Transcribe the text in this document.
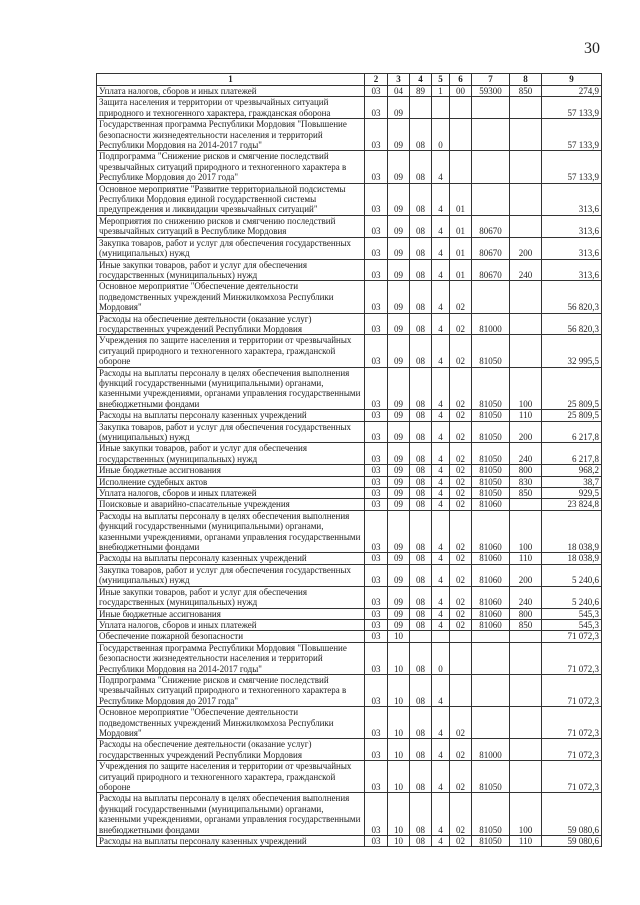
30
1	2	3	4	5	6	7	8	9
Уплата налогов, сборов и иных платежей	03	04	89	1	00	59300	850	274,9
Защита населения и территории от чрезвычайных ситуаций природного и техногенного характера, гражданская оборона	03	09						57 133,9
Государственная программа Республики Мордовия "Повышение безопасности жизнедеятельности населения и территорий Республики Мордовия на 2014-2017 годы"	03	09	08	0				57 133,9
Подпрограмма "Снижение рисков и смягчение последствий чрезвычайных ситуаций природного и техногенного характера в Республике Мордовия до 2017 года"	03	09	08	4				57 133,9
Основное мероприятие "Развитие территориальной подсистемы Республики Мордовия единой государственной системы предупреждения и ликвидации чрезвычайных ситуаций"	03	09	08	4	01			313,6
Мероприятия по снижению рисков и смягчению последствий чрезвычайных ситуаций в Республике Мордовия	03	09	08	4	01	80670		313,6
Закупка товаров, работ и услуг для обеспечения государственных (муниципальных) нужд	03	09	08	4	01	80670	200	313,6
Иные закупки товаров, работ и услуг для обеспечения государственных (муниципальных) нужд	03	09	08	4	01	80670	240	313,6
Основное мероприятие "Обеспечение деятельности подведомственных учреждений Минжилкомхоза Республики Мордовия"	03	09	08	4	02			56 820,3
Расходы на обеспечение деятельности (оказание услуг) государственных учреждений Республики Мордовия	03	09	08	4	02	81000		56 820,3
Учреждения по защите населения и территории от чрезвычайных ситуаций природного и техногенного характера, гражданской обороне	03	09	08	4	02	81050		32 995,5
Расходы на выплаты персоналу в целях обеспечения выполнения функций государственными (муниципальными) органами, казенными учреждениями, органами управления государственными внебюджетными фондами	03	09	08	4	02	81050	100	25 809,5
Расходы на выплаты персоналу казенных учреждений	03	09	08	4	02	81050	110	25 809,5
Закупка товаров, работ и услуг для обеспечения государственных (муниципальных) нужд	03	09	08	4	02	81050	200	6 217,8
Иные закупки товаров, работ и услуг для обеспечения государственных (муниципальных) нужд	03	09	08	4	02	81050	240	6 217,8
Иные бюджетные ассигнования	03	09	08	4	02	81050	800	968,2
Исполнение судебных актов	03	09	08	4	02	81050	830	38,7
Уплата налогов, сборов и иных платежей	03	09	08	4	02	81050	850	929,5
Поисковые и аварийно-спасательные учреждения	03	09	08	4	02	81060		23 824,8
Расходы на выплаты персоналу в целях обеспечения выполнения функций государственными (муниципальными) органами, казенными учреждениями, органами управления государственными внебюджетными фондами	03	09	08	4	02	81060	100	18 038,9
Расходы на выплаты персоналу казенных учреждений	03	09	08	4	02	81060	110	18 038,9
Закупка товаров, работ и услуг для обеспечения государственных (муниципальных) нужд	03	09	08	4	02	81060	200	5 240,6
Иные закупки товаров, работ и услуг для обеспечения государственных (муниципальных) нужд	03	09	08	4	02	81060	240	5 240,6
Иные бюджетные ассигнования	03	09	08	4	02	81060	800	545,3
Уплата налогов, сборов и иных платежей	03	09	08	4	02	81060	850	545,3
Обеспечение пожарной безопасности	03	10						71 072,3
Государственная программа Республики Мордовия "Повышение безопасности жизнедеятельности населения и территорий Республики Мордовия на 2014-2017 годы"	03	10	08	0				71 072,3
Подпрограмма "Снижение рисков и смягчение последствий чрезвычайных ситуаций природного и техногенного характера в Республике Мордовия до 2017 года"	03	10	08	4				71 072,3
Основное мероприятие "Обеспечение деятельности подведомственных учреждений Минжилкомхоза Республики Мордовия"	03	10	08	4	02			71 072,3
Расходы на обеспечение деятельности (оказание услуг) государственных учреждений Республики Мордовия	03	10	08	4	02	81000		71 072,3
Учреждения по защите населения и территории от чрезвычайных ситуаций природного и техногенного характера, гражданской обороне	03	10	08	4	02	81050		71 072,3
Расходы на выплаты персоналу в целях обеспечения выполнения функций государственными (муниципальными) органами, казенными учреждениями, органами управления государственными внебюджетными фондами	03	10	08	4	02	81050	100	59 080,6
Расходы на выплаты персоналу казенных учреждений	03	10	08	4	02	81050	110	59 080,6
